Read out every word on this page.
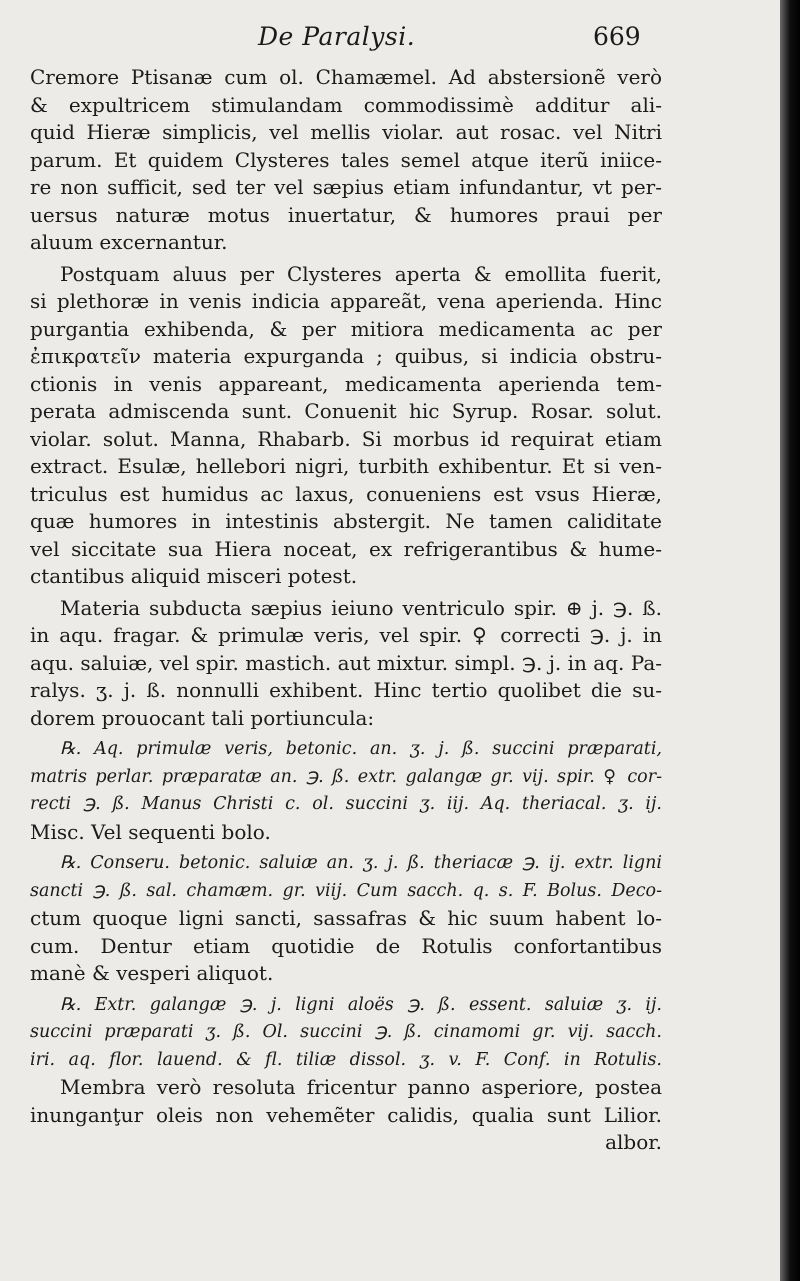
De Paralysi.	669
Cremore Ptisanæ cum ol. Chamæmel. Ad abstersionẽ verò
& expultricem stimulandam commodissimè additur ali-
quid Hieræ simplicis, vel mellis violar. aut rosac. vel Nitri
parum. Et quidem Clysteres tales semel atque iterũ iniice-
re non sufficit, sed ter vel sæpius etiam infundantur, vt per-
uersus naturæ motus inuertatur, & humores praui per
aluum excernantur.
Postquam aluus per Clysteres aperta & emollita fuerit,
si plethoræ in venis indicia appareãt, vena aperienda. Hinc
purgantia exhibenda, & per mitiora medicamenta ac per
ἐπικρατεῖν materia expurganda ; quibus, si indicia obstru-
ctionis in venis appareant, medicamenta aperienda tem-
perata admiscenda sunt. Conuenit hic Syrup. Rosar. solut.
violar. solut. Manna, Rhabarb. Si morbus id requirat etiam
extract. Esulæ, hellebori nigri, turbith exhibentur. Et si ven-
triculus est humidus ac laxus, conueniens est vsus Hieræ,
quæ humores in intestinis abstergit. Ne tamen caliditate
vel siccitate sua Hiera noceat, ex refrigerantibus & hume-
ctantibus aliquid misceri potest.
Materia subducta sæpius ieiuno ventriculo spir. ⊕ j. ℈. ß.
in aqu. fragar. & primulæ veris, vel spir. ♀ correcti ℈. j. in
aqu. saluiæ, vel spir. mastich. aut mixtur. simpl. ℈. j. in aq. Pa-
ralys. ʒ. j. ß. nonnulli exhibent. Hinc tertio quolibet die su-
dorem prouocant tali portiuncula:
℞. Aq. primulæ veris, betonic. an. ʒ. j. ß. succini præparati,
matris perlar. præparatæ an. ℈. ß. extr. galangæ gr. vij. spir. ♀ cor-
recti ℈. ß. Manus Christi c. ol. succini ʒ. iij. Aq. theriacal. ʒ. ij.
Misc. Vel sequenti bolo.
℞. Conseru. betonic. saluiæ an. ʒ. j. ß. theriacæ ℈. ij. extr. ligni
sancti ℈. ß. sal. chamæm. gr. viij. Cum sacch. q. s. F. Bolus. Deco-
ctum quoque ligni sancti, sassafras & hic suum habent lo-
cum. Dentur etiam quotidie de Rotulis confortantibus
manè & vesperi aliquot.
℞. Extr. galangæ ℈. j. ligni aloës ℈. ß. essent. saluiæ ʒ. ij.
succini præparati ʒ. ß. Ol. succini ℈. ß. cinamomi gr. vij. sacch.
iri. aq. flor. lauend. & fl. tiliæ dissol. ʒ. v. F. Conf. in Rotulis.
Membra verò resoluta fricentur panno asperiore, postea
inunganţur oleis non vehemẽter calidis, qualia sunt Lilior.
albor.
